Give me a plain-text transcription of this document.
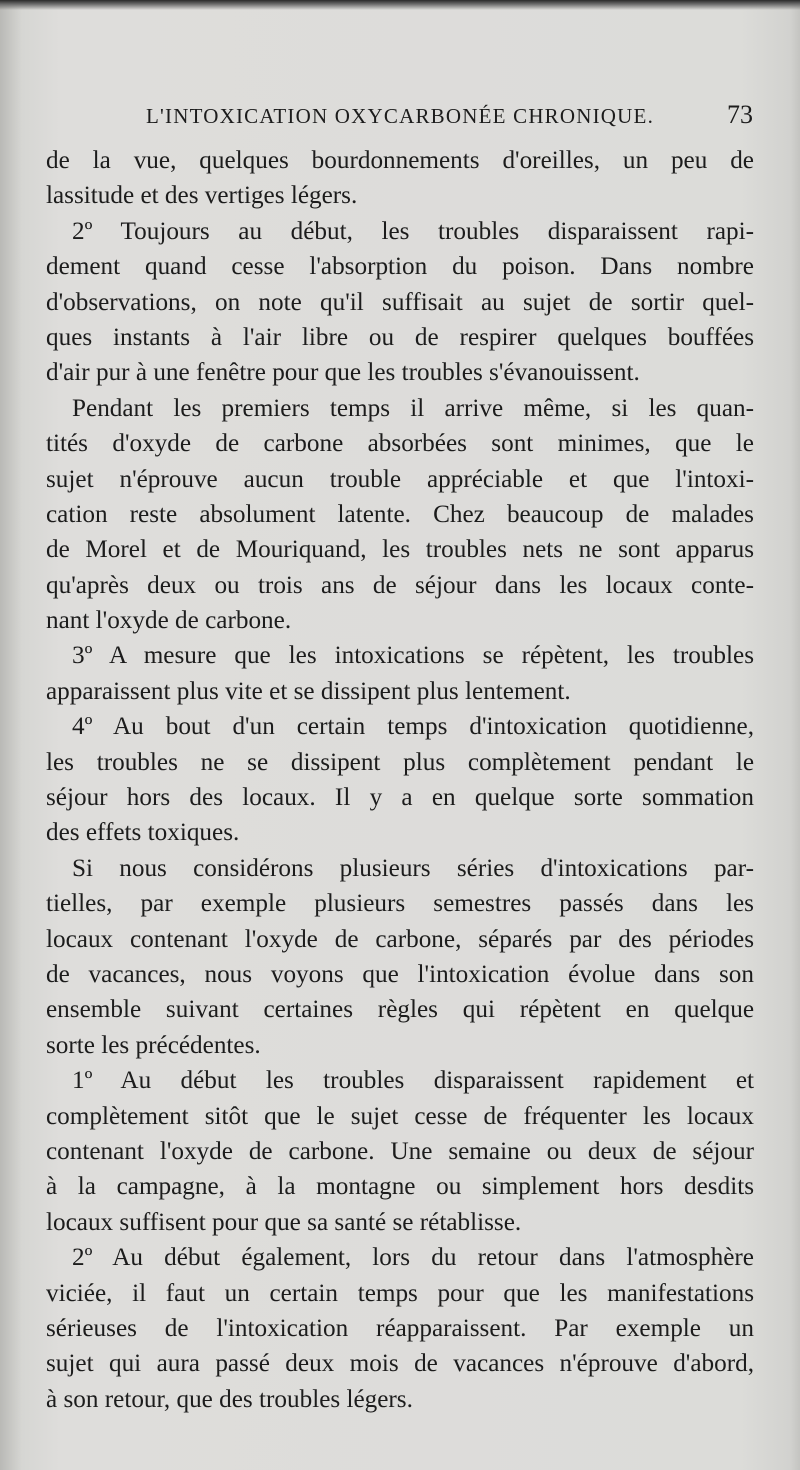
L'INTOXICATION OXYCARBONÉE CHRONIQUE.	73

de la vue, quelques bourdonnements d'oreilles, un peu de
lassitude et des vertiges légers.

2º Toujours au début, les troubles disparaissent rapi-
dement quand cesse l'absorption du poison. Dans nombre
d'observations, on note qu'il suffisait au sujet de sortir quel-
ques instants à l'air libre ou de respirer quelques bouffées
d'air pur à une fenêtre pour que les troubles s'évanouissent.

Pendant les premiers temps il arrive même, si les quan-
tités d'oxyde de carbone absorbées sont minimes, que le
sujet n'éprouve aucun trouble appréciable et que l'intoxi-
cation reste absolument latente. Chez beaucoup de malades
de Morel et de Mouriquand, les troubles nets ne sont apparus
qu'après deux ou trois ans de séjour dans les locaux conte-
nant l'oxyde de carbone.

3º A mesure que les intoxications se répètent, les troubles
apparaissent plus vite et se dissipent plus lentement.

4º Au bout d'un certain temps d'intoxication quotidienne,
les troubles ne se dissipent plus complètement pendant le
séjour hors des locaux. Il y a en quelque sorte sommation
des effets toxiques.

Si nous considérons plusieurs séries d'intoxications par-
tielles, par exemple plusieurs semestres passés dans les
locaux contenant l'oxyde de carbone, séparés par des périodes
de vacances, nous voyons que l'intoxication évolue dans son
ensemble suivant certaines règles qui répètent en quelque
sorte les précédentes.

1º Au début les troubles disparaissent rapidement et
complètement sitôt que le sujet cesse de fréquenter les locaux
contenant l'oxyde de carbone. Une semaine ou deux de séjour
à la campagne, à la montagne ou simplement hors desdits
locaux suffisent pour que sa santé se rétablisse.

2º Au début également, lors du retour dans l'atmosphère
viciée, il faut un certain temps pour que les manifestations
sérieuses de l'intoxication réapparaissent. Par exemple un
sujet qui aura passé deux mois de vacances n'éprouve d'abord,
à son retour, que des troubles légers.
